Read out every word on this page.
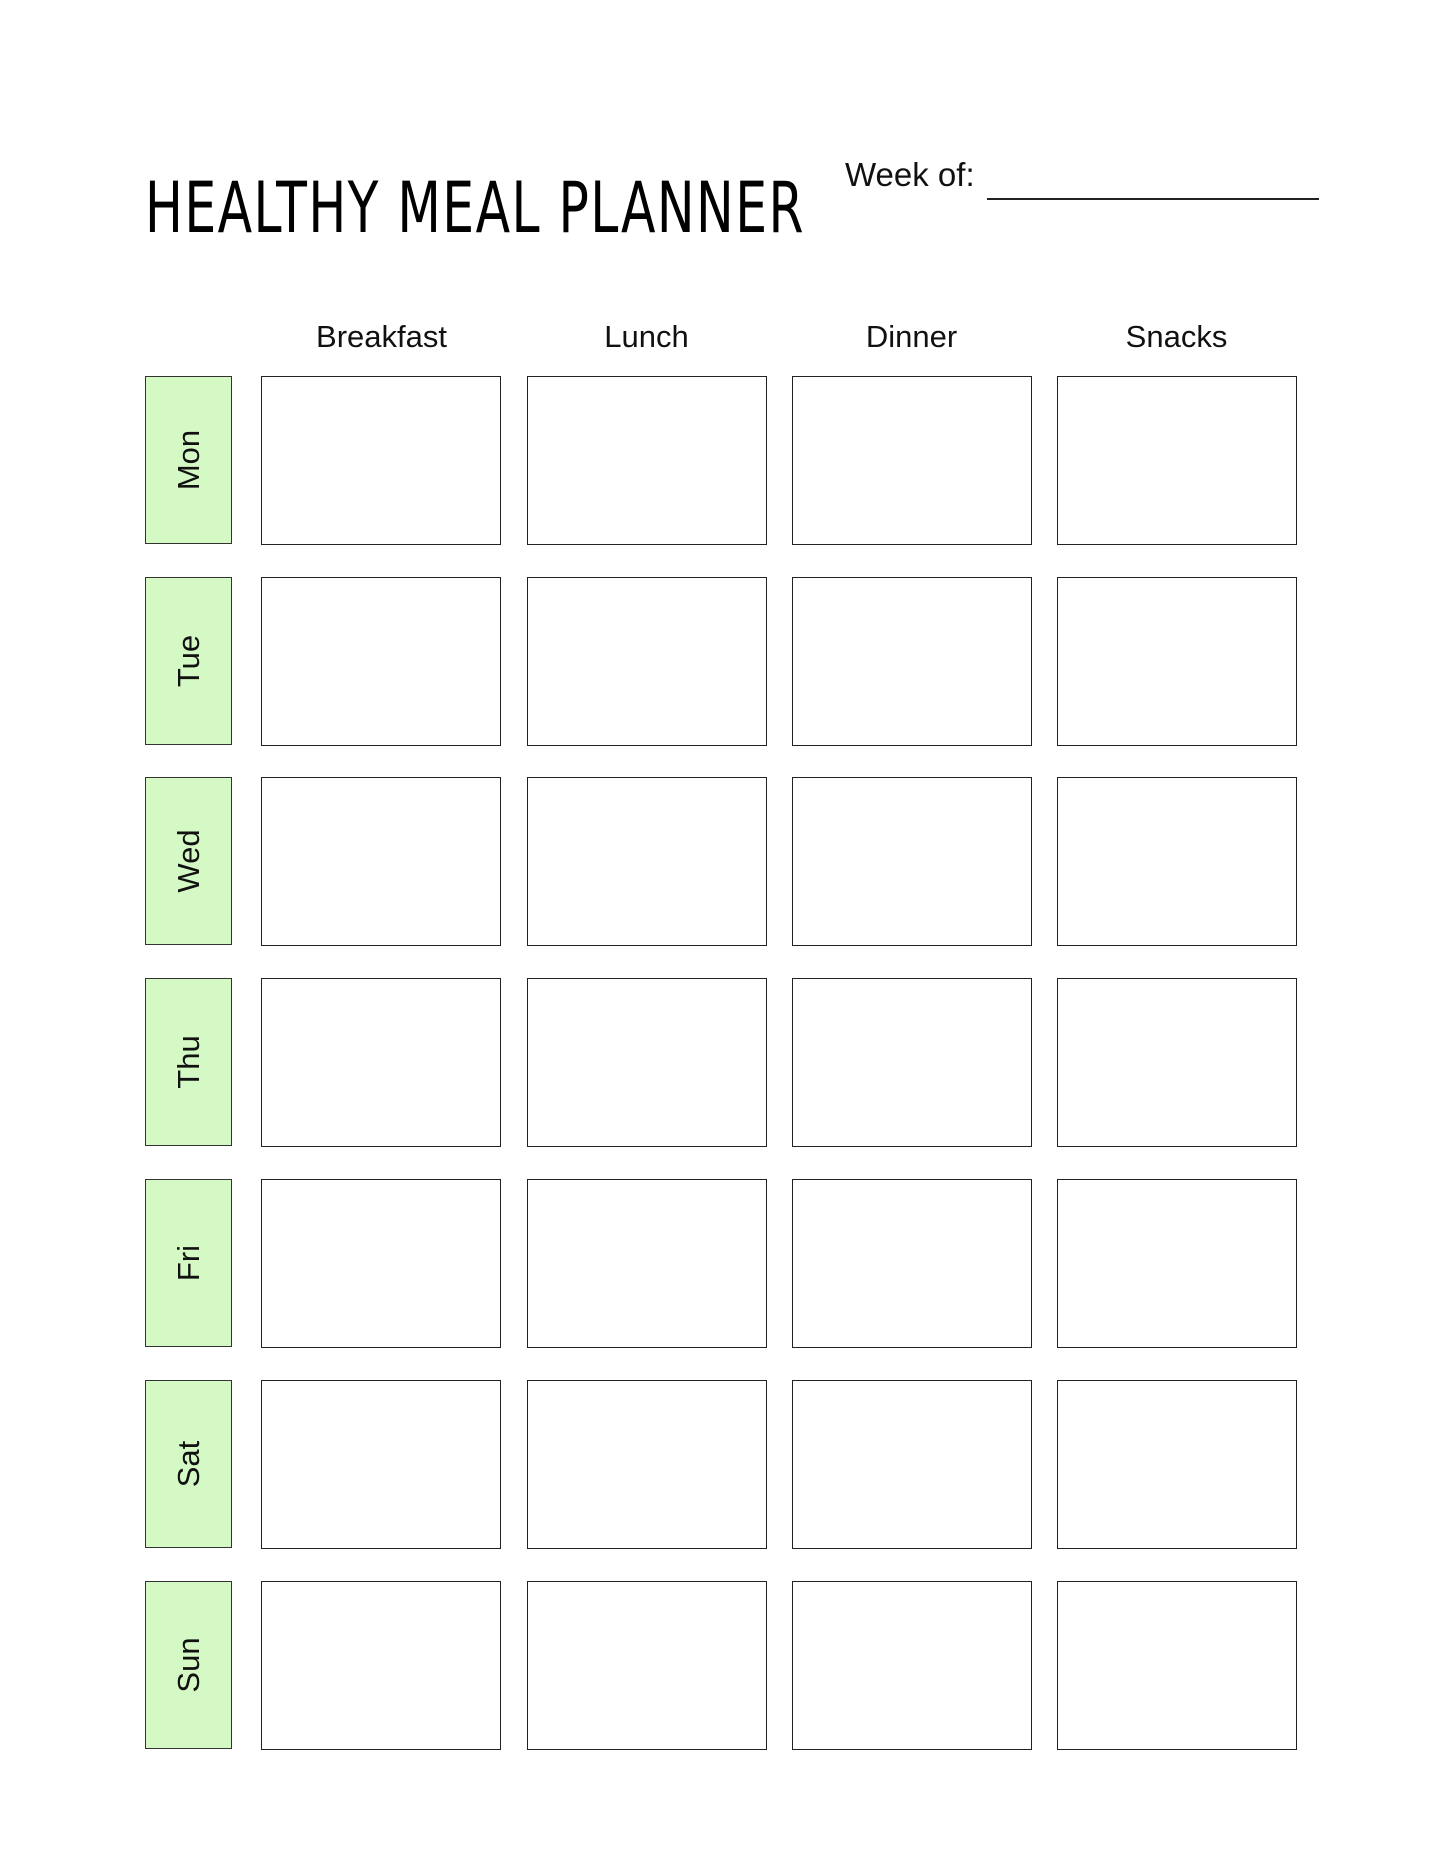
HEALTHY MEAL PLANNER Week of:
Breakfast	Lunch	Dinner	Snacks
Mon
Tue
Wed
Thu
Fri
Sat
Sun
